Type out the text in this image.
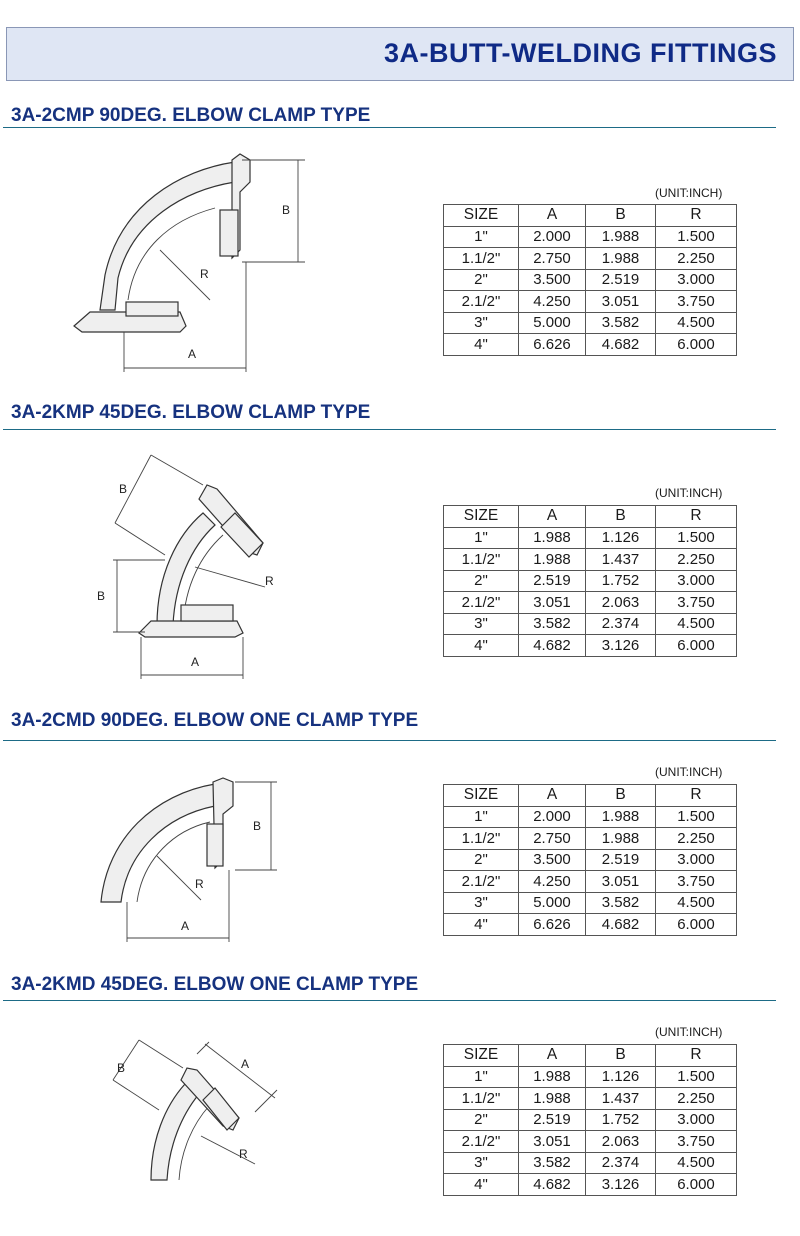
3A-BUTT-WELDING FITTINGS
3A-2CMP 90DEG. ELBOW CLAMP TYPE
R
B
A
(UNIT:INCH)
SIZE	A	B	R
1"	2.000	1.988	1.500
1.1/2"	2.750	1.988	2.250
2"	3.500	2.519	3.000
2.1/2"	4.250	3.051	3.750
3"	5.000	3.582	4.500
4"	6.626	4.682	6.000
3A-2KMP 45DEG. ELBOW CLAMP TYPE
R
B
B
A
(UNIT:INCH)
SIZE	A	B	R
1"	1.988	1.126	1.500
1.1/2"	1.988	1.437	2.250
2"	2.519	1.752	3.000
2.1/2"	3.051	2.063	3.750
3"	3.582	2.374	4.500
4"	4.682	3.126	6.000
3A-2CMD 90DEG. ELBOW ONE CLAMP TYPE
R
B
A
(UNIT:INCH)
SIZE	A	B	R
1"	2.000	1.988	1.500
1.1/2"	2.750	1.988	2.250
2"	3.500	2.519	3.000
2.1/2"	4.250	3.051	3.750
3"	5.000	3.582	4.500
4"	6.626	4.682	6.000
3A-2KMD 45DEG. ELBOW ONE CLAMP TYPE
R
B	A
(UNIT:INCH)
SIZE	A	B	R
1"	1.988	1.126	1.500
1.1/2"	1.988	1.437	2.250
2"	2.519	1.752	3.000
2.1/2"	3.051	2.063	3.750
3"	3.582	2.374	4.500
4"	4.682	3.126	6.000
